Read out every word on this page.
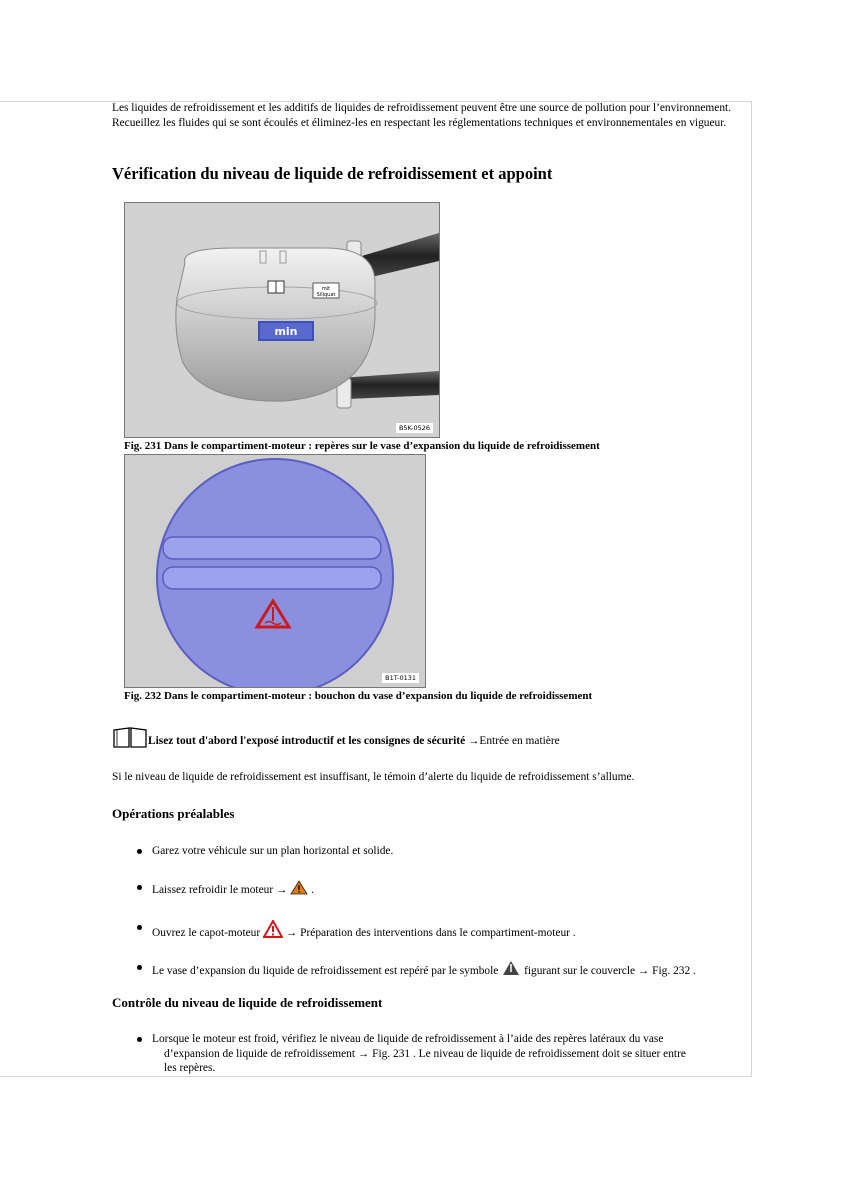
Les liquides de refroidissement et les additifs de liquides de refroidissement peuvent être une source de pollution pour l’environnement. Recueillez les fluides qui se sont écoulés et éliminez-les en respectant les réglementations techniques et environnementales en vigueur.
Vérification du niveau de liquide de refroidissement et appoint
mit
Siliquat
min
B5K-0526
Fig. 231 Dans le compartiment-moteur : repères sur le vase d’expansion du liquide de refroidissement
B1T-0131
Fig. 232 Dans le compartiment-moteur : bouchon du vase d’expansion du liquide de refroidissement
Lisez tout d'abord l'exposé introductif et les consignes de sécurité →Entrée en matière
Si le niveau de liquide de refroidissement est insuffisant, le témoin d’alerte du liquide de refroidissement s’allume.
Opérations préalables
Garez votre véhicule sur un plan horizontal et solide.
Laissez refroidir le moteur →  .
Ouvrez le capot-moteur → Préparation des interventions dans le compartiment-moteur .
Le vase d’expansion du liquide de refroidissement est repéré par le symbole figurant sur le couvercle → Fig. 232 .
Contrôle du niveau de liquide de refroidissement
Lorsque le moteur est froid, vérifiez le niveau de liquide de refroidissement à l’aide des repères latéraux du vase
d’expansion de liquide de refroidissement → Fig. 231 . Le niveau de liquide de refroidissement doit se situer entre
les repères.
